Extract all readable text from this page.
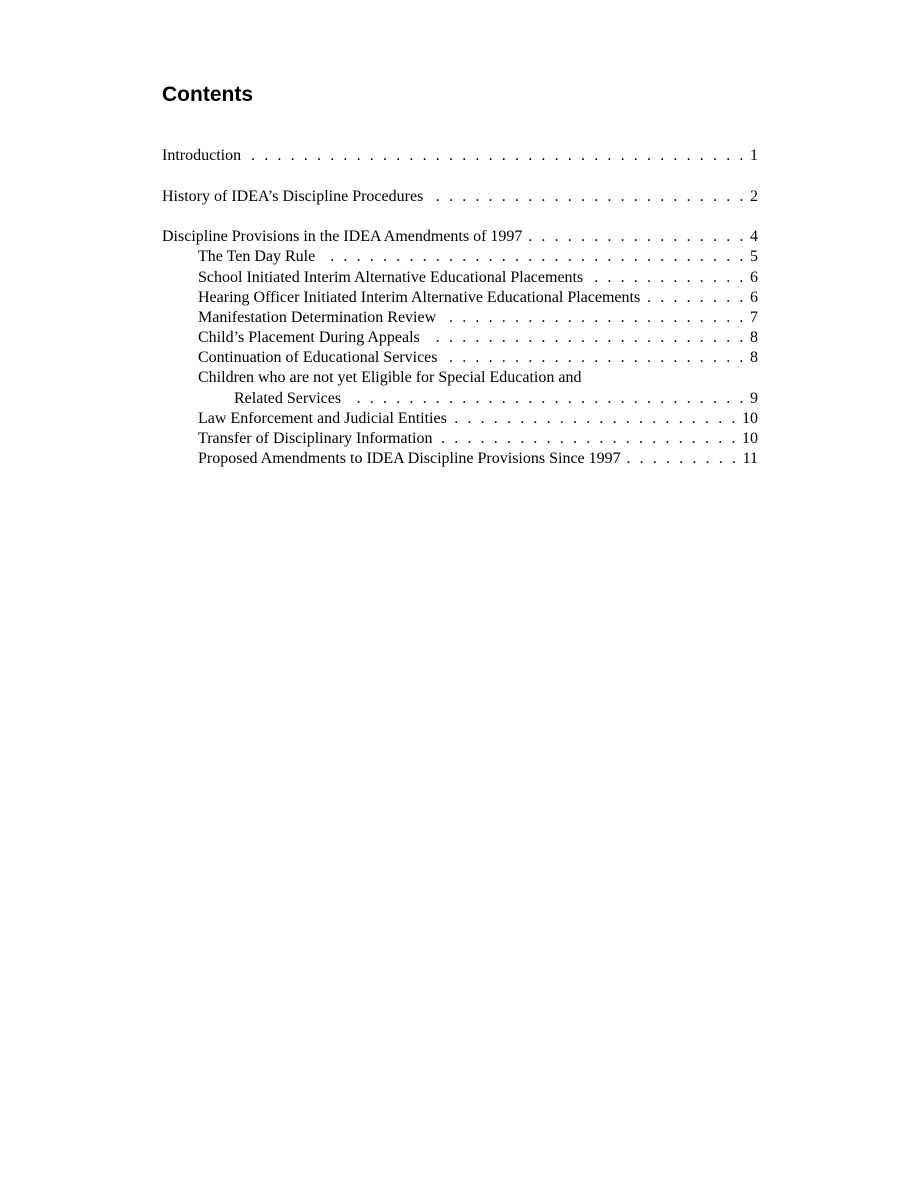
Contents
Introduction . . .	1
History of IDEA’s Discipline Procedures . . .	2
Discipline Provisions in the IDEA Amendments of 1997 . . .	4
The Ten Day Rule . . .	5
School Initiated Interim Alternative Educational Placements . . .	6
Hearing Officer Initiated Interim Alternative Educational Placements . . .	6
Manifestation Determination Review . . .	7
Child’s Placement During Appeals . . .	8
Continuation of Educational Services . . .	8
Children who are not yet Eligible for Special Education and
Related Services . . .	9
Law Enforcement and Judicial Entities . . .	10
Transfer of Disciplinary Information . . .	10
Proposed Amendments to IDEA Discipline Provisions Since 1997 . . .	11
